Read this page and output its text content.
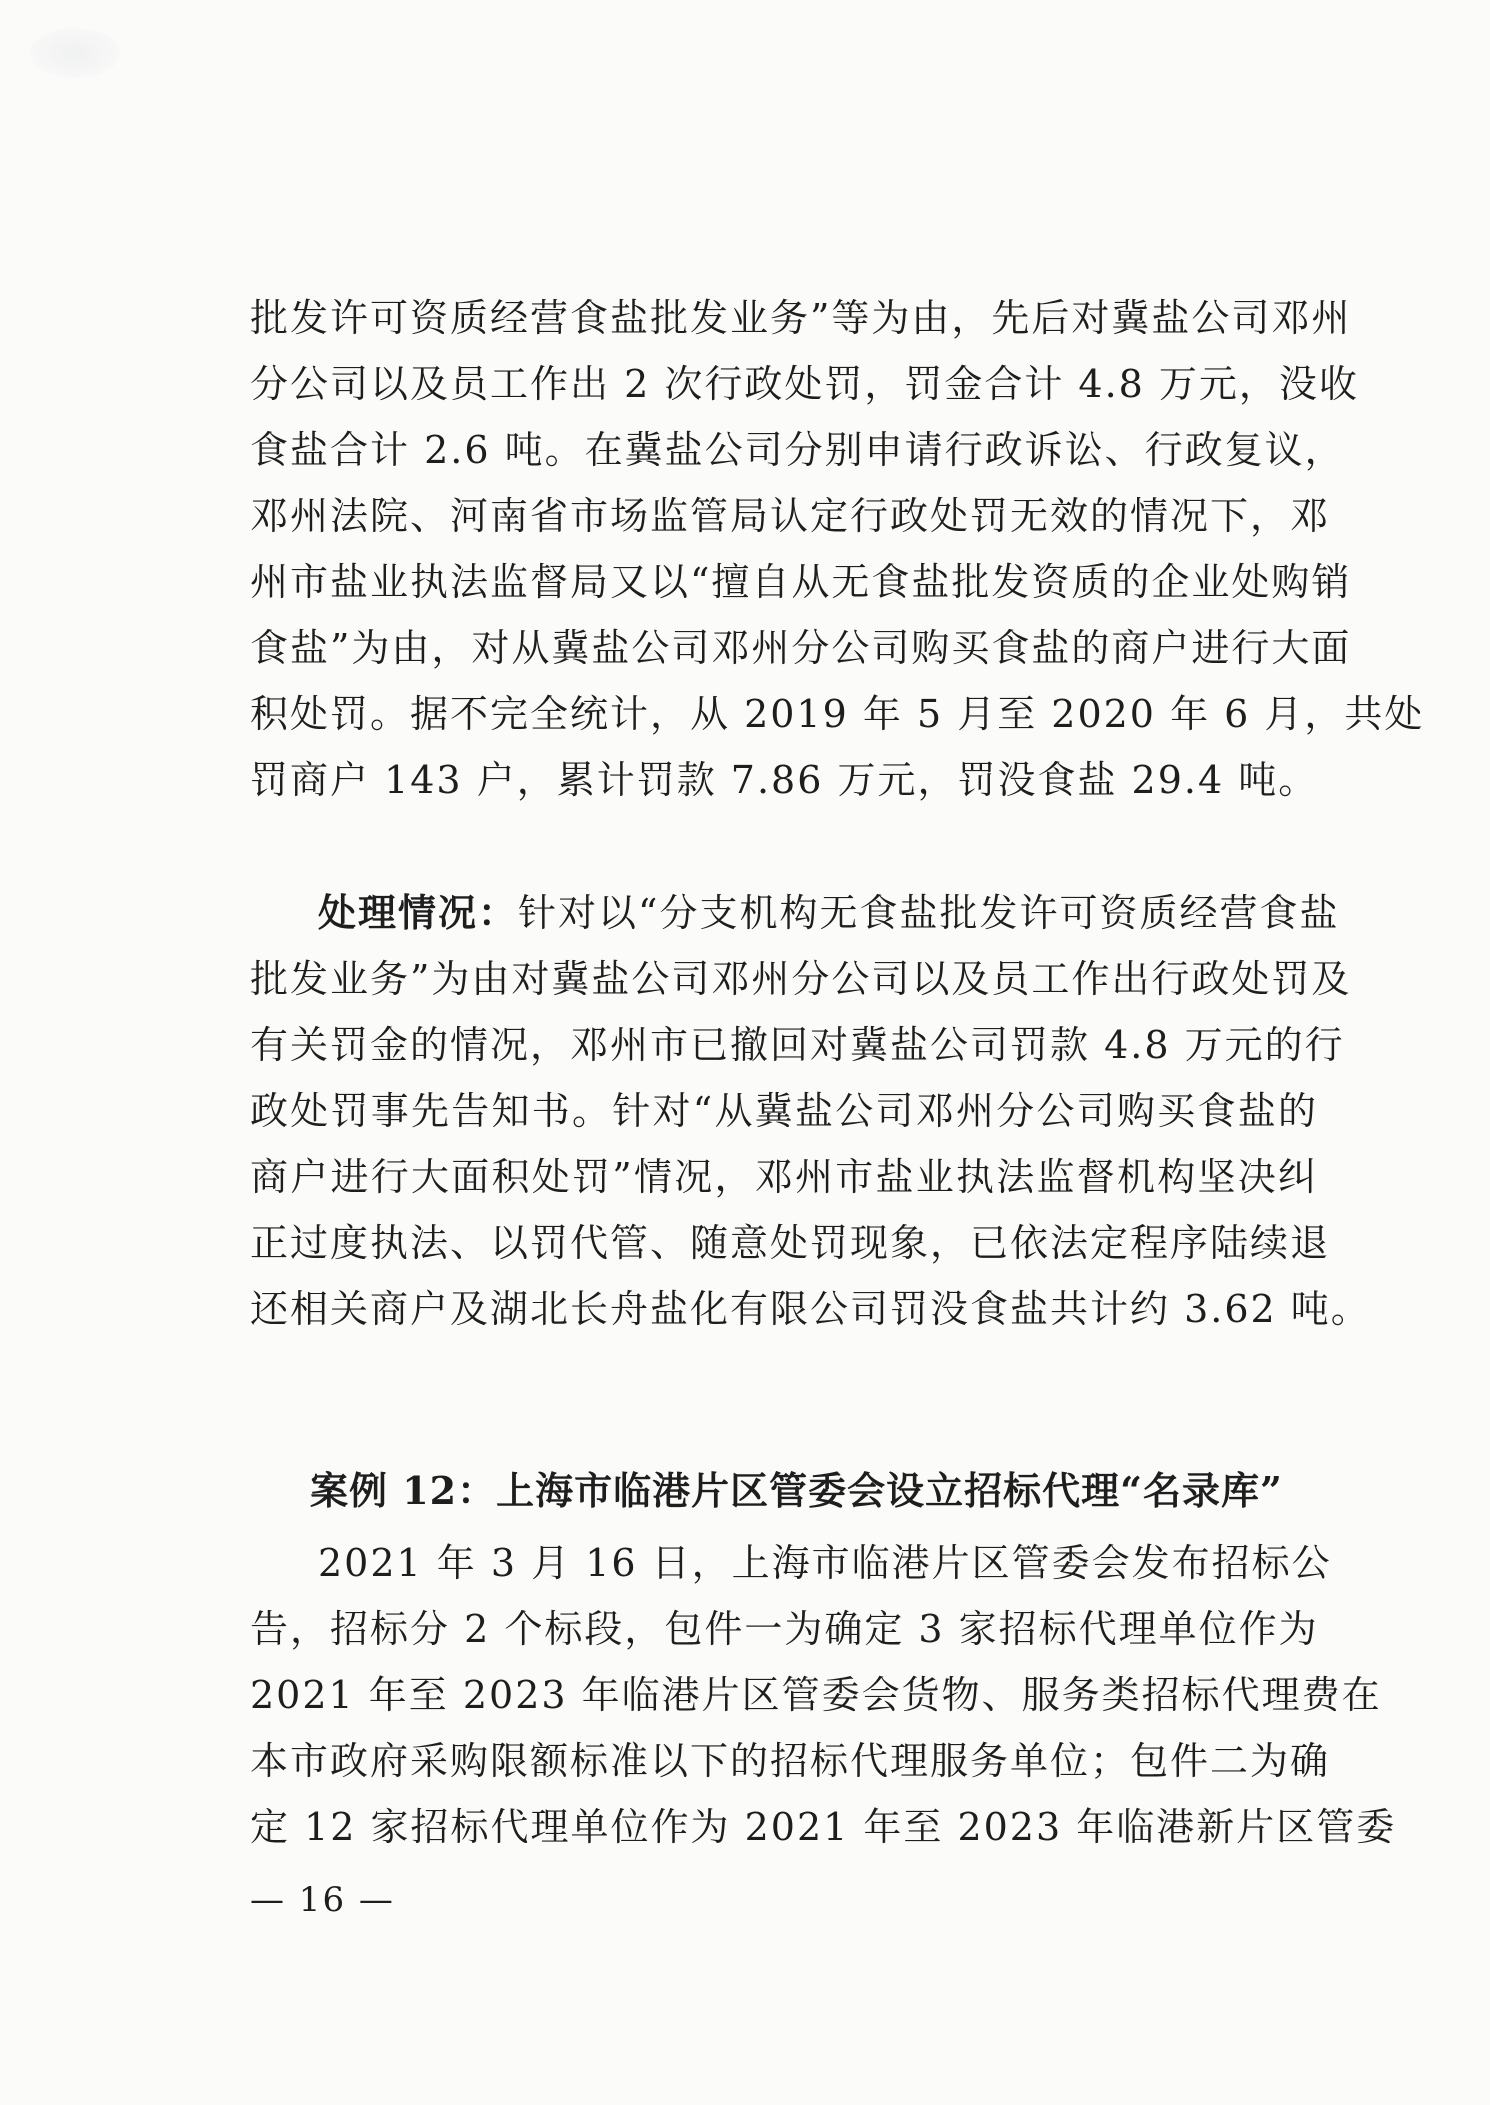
批发许可资质经营食盐批发业务”等为由，先后对冀盐公司邓州
分公司以及员工作出 2 次行政处罚，罚金合计 4.8 万元，没收
食盐合计 2.6 吨。在冀盐公司分别申请行政诉讼、行政复议，
邓州法院、河南省市场监管局认定行政处罚无效的情况下，邓
州市盐业执法监督局又以“擅自从无食盐批发资质的企业处购销
食盐”为由，对从冀盐公司邓州分公司购买食盐的商户进行大面
积处罚。据不完全统计，从 2019 年 5 月至 2020 年 6 月，共处
罚商户 143 户，累计罚款 7.86 万元，罚没食盐 29.4 吨。
处理情况：针对以“分支机构无食盐批发许可资质经营食盐
批发业务”为由对冀盐公司邓州分公司以及员工作出行政处罚及
有关罚金的情况，邓州市已撤回对冀盐公司罚款 4.8 万元的行
政处罚事先告知书。针对“从冀盐公司邓州分公司购买食盐的
商户进行大面积处罚”情况，邓州市盐业执法监督机构坚决纠
正过度执法、以罚代管、随意处罚现象，已依法定程序陆续退
还相关商户及湖北长舟盐化有限公司罚没食盐共计约 3.62 吨。
案例 12：上海市临港片区管委会设立招标代理“名录库”
2021 年 3 月 16 日，上海市临港片区管委会发布招标公
告，招标分 2 个标段，包件一为确定 3 家招标代理单位作为
2021 年至 2023 年临港片区管委会货物、服务类招标代理费在
本市政府采购限额标准以下的招标代理服务单位；包件二为确
定 12 家招标代理单位作为 2021 年至 2023 年临港新片区管委
— 16 —
